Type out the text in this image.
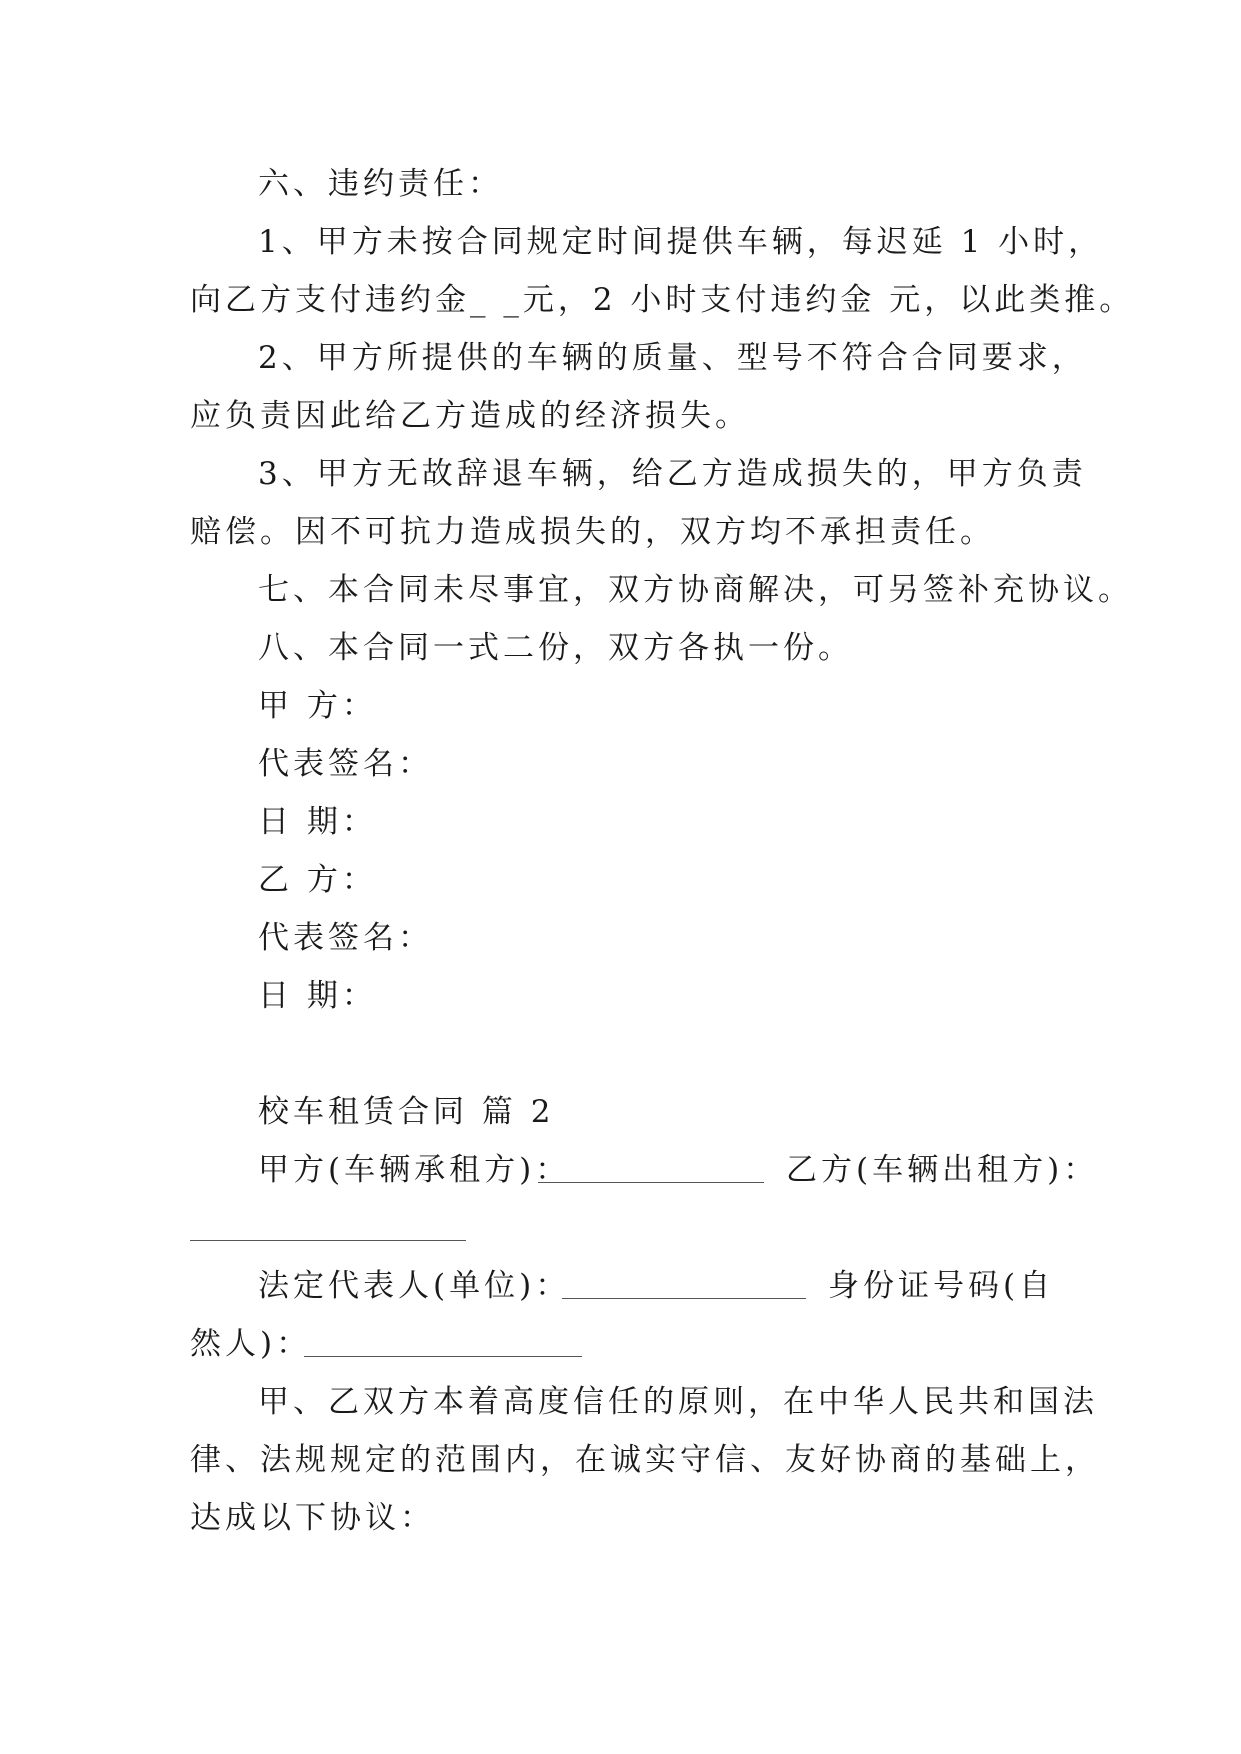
六、违约责任：
1、甲方未按合同规定时间提供车辆，每迟延 1 小时，
向乙方支付违约金_ _元，2 小时支付违约金 元，以此类推。
2、甲方所提供的车辆的质量、型号不符合合同要求，
应负责因此给乙方造成的经济损失。
3、甲方无故辞退车辆，给乙方造成损失的，甲方负责
赔偿。因不可抗力造成损失的，双方均不承担责任。
七、本合同未尽事宜，双方协商解决，可另签补充协议。
八、本合同一式二份，双方各执一份。
甲 方：
代表签名：
日 期：
乙 方：
代表签名：
日 期：
校车租赁合同 篇 2
甲方(车辆承租方)：	乙方(车辆出租方)：
法定代表人(单位)：	身份证号码(自
然人)：
甲、乙双方本着高度信任的原则，在中华人民共和国法
律、法规规定的范围内，在诚实守信、友好协商的基础上，
达成以下协议：
